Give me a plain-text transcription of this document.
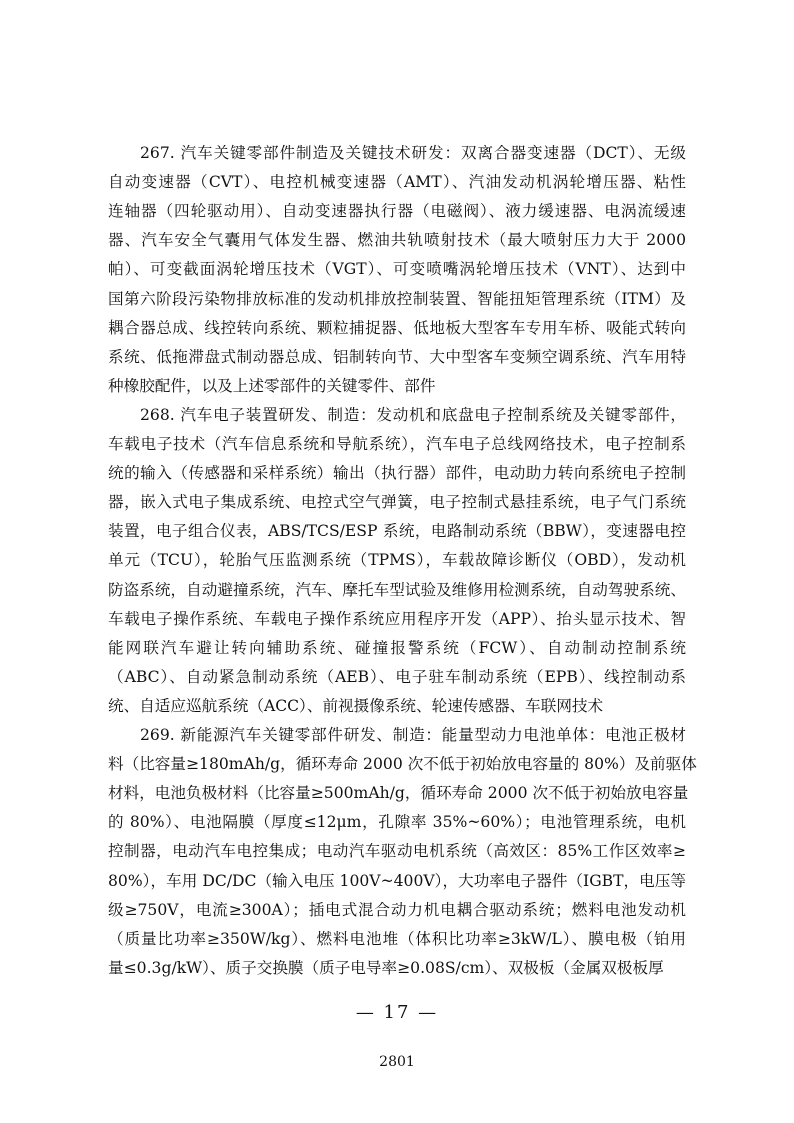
267. 汽车关键零部件制造及关键技术研发：双离合器变速器（DCT）、无级
自动变速器（CVT）、电控机械变速器（AMT）、汽油发动机涡轮增压器、粘性
连轴器（四轮驱动用）、自动变速器执行器（电磁阀）、液力缓速器、电涡流缓速
器、汽车安全气囊用气体发生器、燃油共轨喷射技术（最大喷射压力大于 2000
帕）、可变截面涡轮增压技术（VGT）、可变喷嘴涡轮增压技术（VNT）、达到中
国第六阶段污染物排放标准的发动机排放控制装置、智能扭矩管理系统（ITM）及
耦合器总成、线控转向系统、颗粒捕捉器、低地板大型客车专用车桥、吸能式转向
系统、低拖滞盘式制动器总成、铝制转向节、大中型客车变频空调系统、汽车用特
种橡胶配件，以及上述零部件的关键零件、部件
268. 汽车电子装置研发、制造：发动机和底盘电子控制系统及关键零部件，
车载电子技术（汽车信息系统和导航系统），汽车电子总线网络技术，电子控制系
统的输入（传感器和采样系统）输出（执行器）部件，电动助力转向系统电子控制
器，嵌入式电子集成系统、电控式空气弹簧，电子控制式悬挂系统，电子气门系统
装置，电子组合仪表，ABS/TCS/ESP 系统，电路制动系统（BBW），变速器电控
单元（TCU），轮胎气压监测系统（TPMS），车载故障诊断仪（OBD），发动机
防盗系统，自动避撞系统，汽车、摩托车型试验及维修用检测系统，自动驾驶系统、
车载电子操作系统、车载电子操作系统应用程序开发（APP）、抬头显示技术、智
能网联汽车避让转向辅助系统、碰撞报警系统（FCW）、自动制动控制系统
（ABC）、自动紧急制动系统（AEB）、电子驻车制动系统（EPB）、线控制动系
统、自适应巡航系统（ACC）、前视摄像系统、轮速传感器、车联网技术
269. 新能源汽车关键零部件研发、制造：能量型动力电池单体：电池正极材
料（比容量≥180mAh/g，循环寿命 2000 次不低于初始放电容量的 80%）及前驱体
材料，电池负极材料（比容量≥500mAh/g，循环寿命 2000 次不低于初始放电容量
的 80%）、电池隔膜（厚度≤12μm，孔隙率 35%~60%）；电池管理系统，电机
控制器，电动汽车电控集成；电动汽车驱动电机系统（高效区：85%工作区效率≥
80%），车用 DC/DC（输入电压 100V~400V），大功率电子器件（IGBT，电压等
级≥750V，电流≥300A）；插电式混合动力机电耦合驱动系统；燃料电池发动机
（质量比功率≥350W/kg）、燃料电池堆（体积比功率≥3kW/L）、膜电极（铂用
量≤0.3g/kW）、质子交换膜（质子电导率≥0.08S/cm）、双极板（金属双极板厚
— 17 —
2801
